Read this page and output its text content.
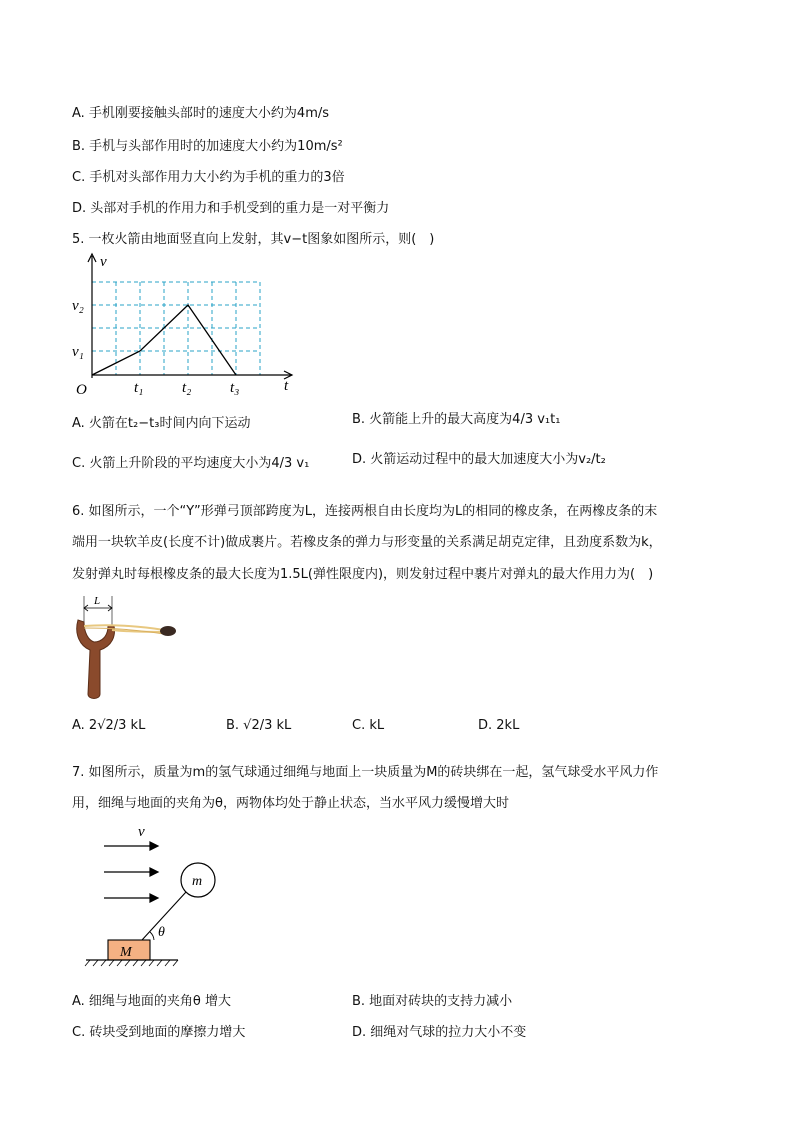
A. 手机刚要接触头部时的速度大小约为4m/s
B. 手机与头部作用时的加速度大小约为10m/s²
C. 手机对头部作用力大小约为手机的重力的3倍
D. 头部对手机的作用力和手机受到的重力是一对平衡力
5. 一枚火箭由地面竖直向上发射，其v−t图象如图所示，则(　)
v
t
O
v₂
v₁
t₁	t₂	t₃
A. 火箭在t₂−t₃时间内向下运动	B. 火箭能上升的最大高度为4/3 v₁t₁
C. 火箭上升阶段的平均速度大小为4/3 v₁	D. 火箭运动过程中的最大加速度大小为v₂/t₂
6. 如图所示，一个“Y”形弹弓顶部跨度为L，连接两根自由长度均为L的相同的橡皮条，在两橡皮条的末
端用一块软羊皮(长度不计)做成裹片。若橡皮条的弹力与形变量的关系满足胡克定律，且劲度系数为k，
发射弹丸时每根橡皮条的最大长度为1.5L(弹性限度内)，则发射过程中裹片对弹丸的最大作用力为(　)
L
A. 2√2/3 kL	B. √2/3 kL	C. kL	D. 2kL
7. 如图所示，质量为m的氢气球通过细绳与地面上一块质量为M的砖块绑在一起，氢气球受水平风力作
用，细绳与地面的夹角为θ，两物体均处于静止状态，当水平风力缓慢增大时
v
m
θ
M
A. 细绳与地面的夹角θ 增大	B. 地面对砖块的支持力减小
C. 砖块受到地面的摩擦力增大	D. 细绳对气球的拉力大小不变
